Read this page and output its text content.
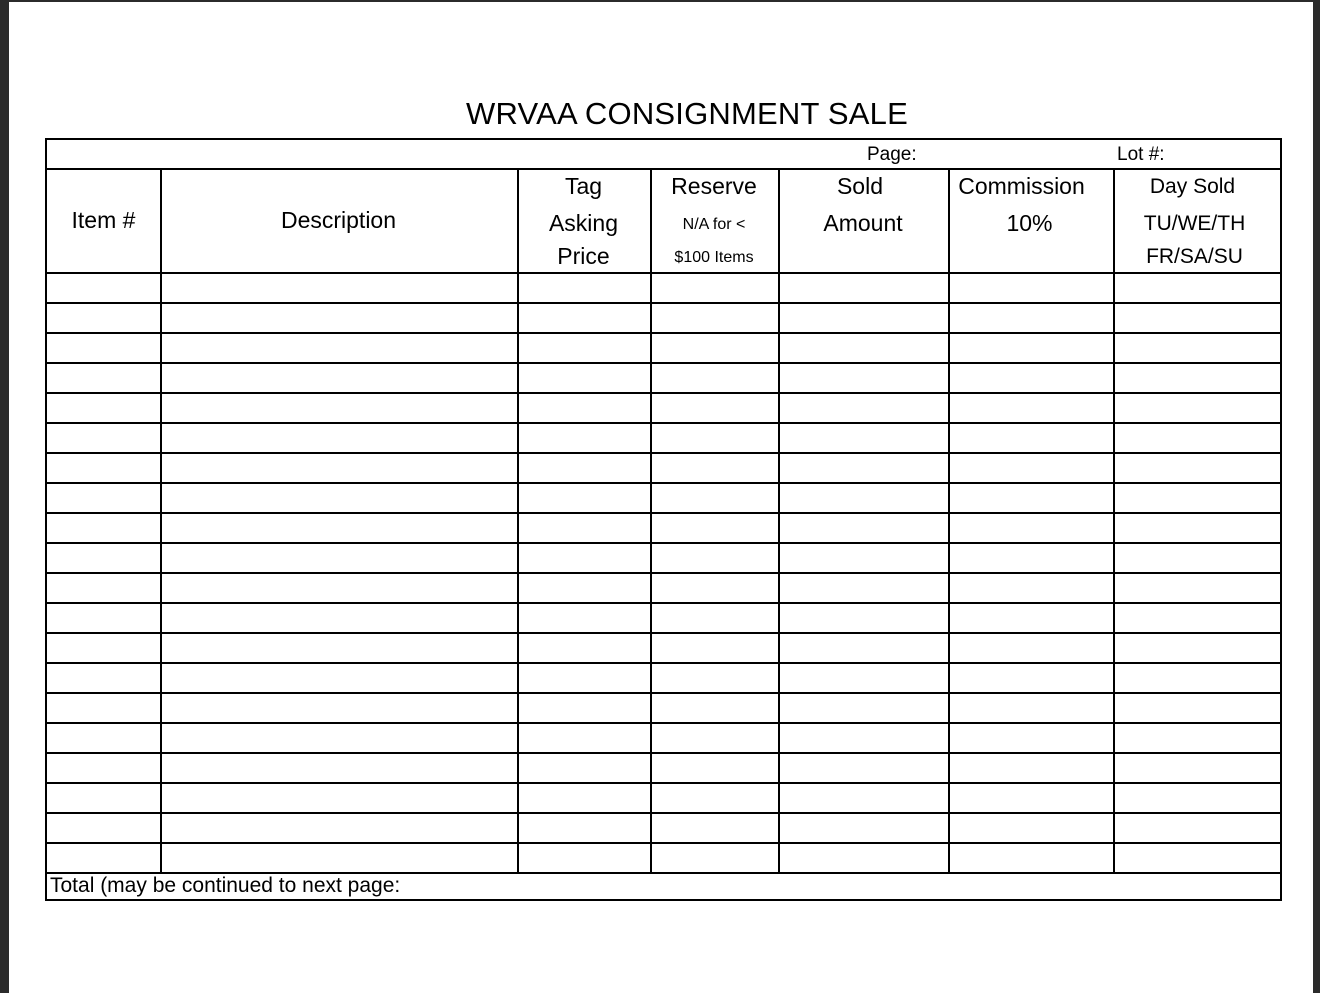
WRVAA CONSIGNMENT SALE
Page:	Lot #:
Item #	Description
Tag
Asking
Price
Reserve
N/A for <
$100 Items
Sold
Amount
Commission
10%
Day Sold
TU/WE/TH
FR/SA/SU
Total (may be continued to next page:
